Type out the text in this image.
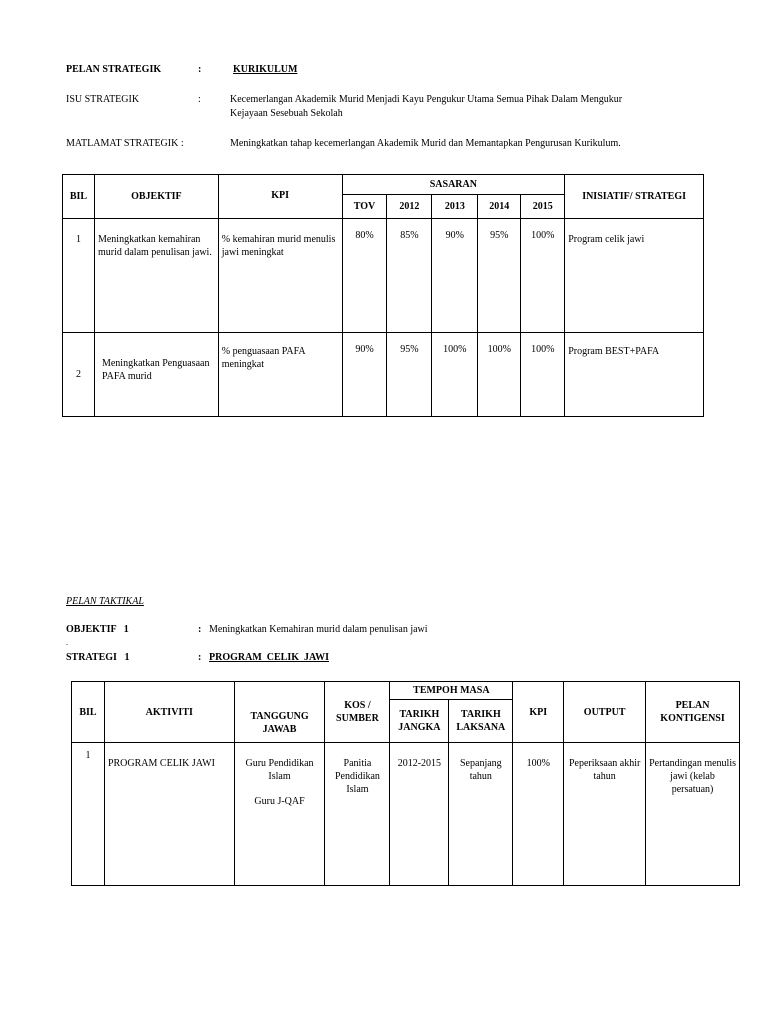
PELAN STRATEGIK	:	KURIKULUM
ISU STRATEGIK	:	Kecemerlangan Akademik Murid Menjadi Kayu Pengukur Utama Semua Pihak Dalam Mengukur
Kejayaan Sesebuah Sekolah
MATLAMAT STRATEGIK :	Meningkatkan tahap kecemerlangan Akademik Murid dan Memantapkan Pengurusan Kurikulum.
BIL	OBJEKTIF	KPI	SASARAN					INISIATIF/ STRATEGI
			TOV	2012	2013	2014	2015	
1	Meningkatkan kemahiran murid dalam penulisan jawi.	% kemahiran murid menulis jawi meningkat	80%	85%	90%	95%	100%	Program celik jawi
2	Meningkatkan Penguasaan PAFA murid	% penguasaan PAFA meningkat	90%	95%	100%	100%	100%	Program BEST+PAFA
PELAN TAKTIKAL
OBJEKTIF   1	: Meningkatkan Kemahiran murid dalam penulisan jawi
.
STRATEGI   1	: PROGRAM  CELIK  JAWI
BIL	AKTIVITI	TANGGUNG JAWAB	KOS / SUMBER	TEMPOH MASA		KPI	OUTPUT	PELAN KONTIGENSI
				TARIKH JANGKA	TARIKH LAKSANA			
1	PROGRAM CELIK JAWI	Guru Pendidikan Islam
Guru J-QAF	Panitia Pendidikan Islam	2012-2015	Sepanjang tahun	100%	Peperiksaan akhir tahun	Pertandingan menulis jawi (kelab persatuan)
